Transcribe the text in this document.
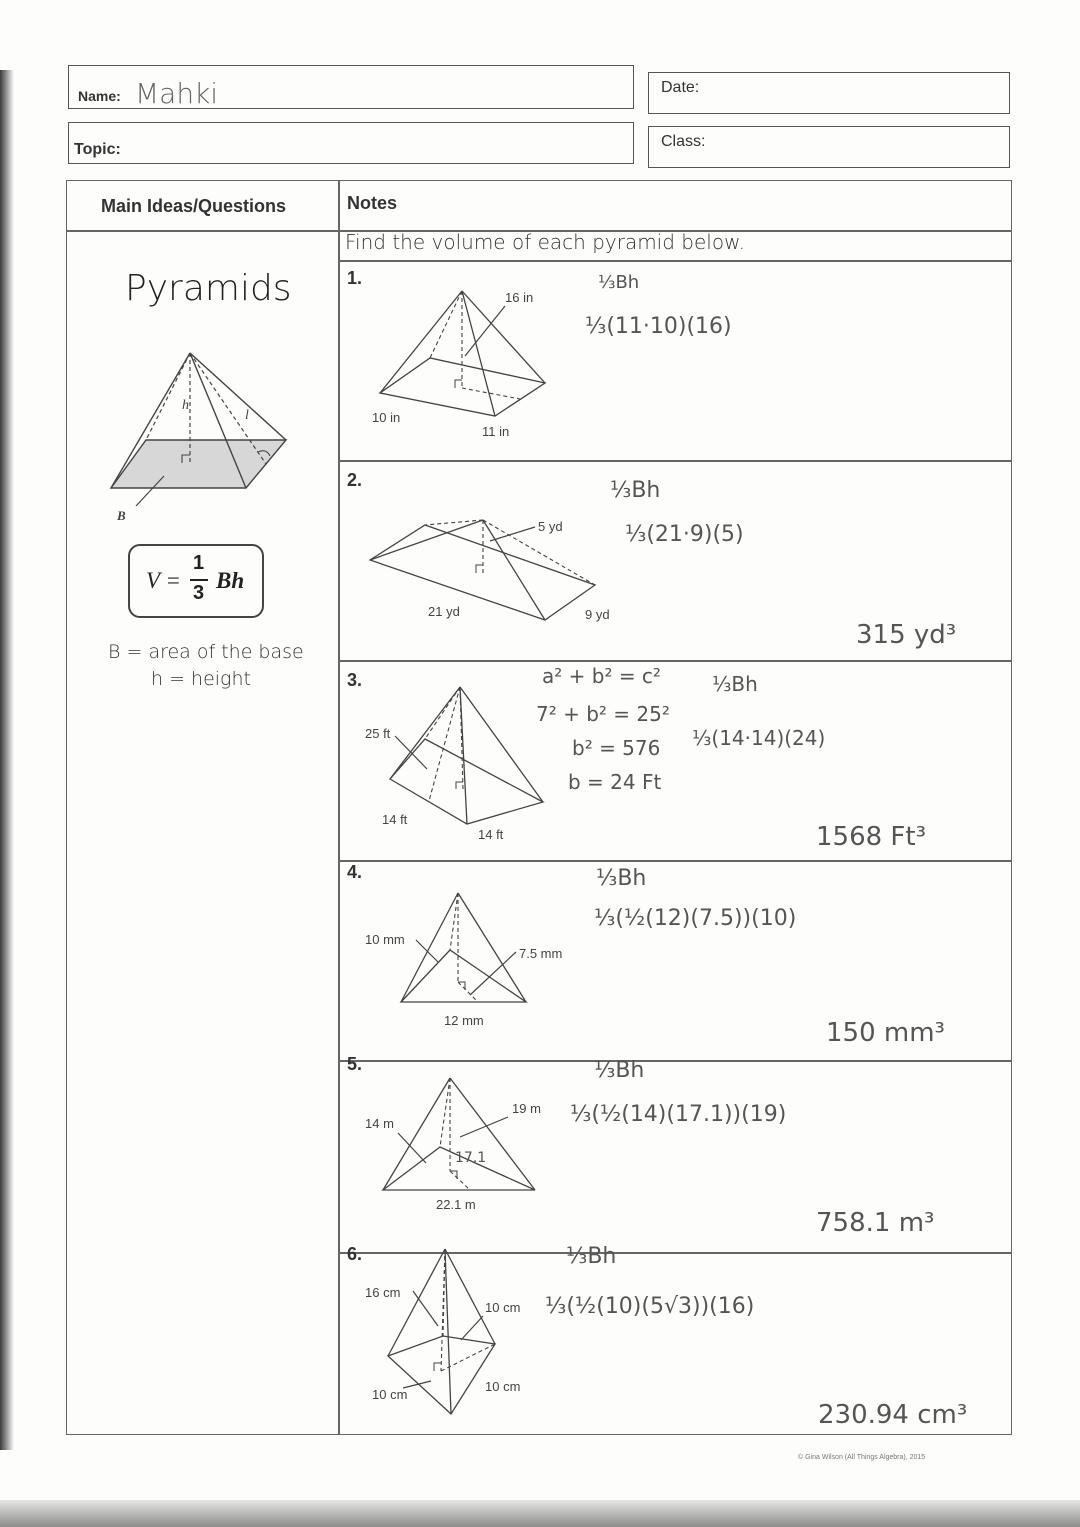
Name: Mahki	Date:
Topic:	Class:
Main Ideas/Questions	Notes
Find the volume of each pyramid below.
Pyramids
h
l
B
V =
1
3 Bh
B = area of the base
h = height
1.
16 in
10 in
11 in
⅓Bh
⅓(11·10)(16)
2.
5 yd
21 yd	9 yd
⅓Bh
⅓(21·9)(5)
315 yd³
3.
25 ft
14 ft
14 ft
a² + b² = c²
7² + b² = 25²
b² = 576
b = 24 Ft
⅓Bh
⅓(14·14)(24)
1568 Ft³
4.
10 mm
7.5 mm
12 mm
⅓Bh
⅓(½(12)(7.5))(10)
150 mm³
5.
14 m
19 m
22.1 m
17.1
⅓Bh
⅓(½(14)(17.1))(19)
758.1 m³
6.
16 cm
10 cm
10 cm
10 cm
⅓Bh
⅓(½(10)(5√3))(16)
230.94 cm³
© Gina Wilson (All Things Algebra), 2015
